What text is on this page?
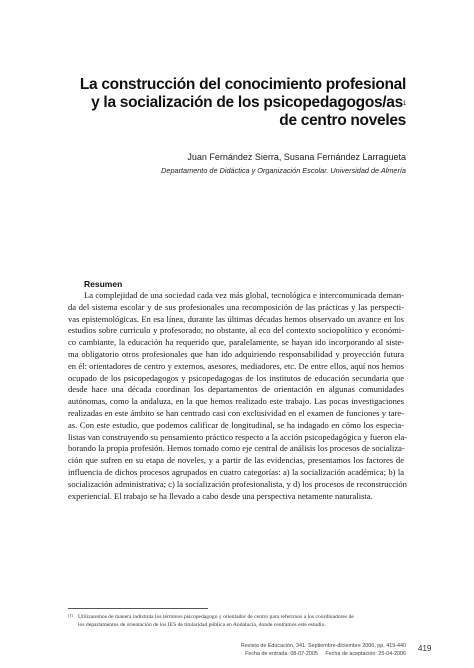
La construcción del conocimiento profesional
y la socialización de los psicopedagogos/$as^1$
de centro noveles
Juan Fernández Sierra, Susana Fernández Larragueta
Departamento de Didáctica y Organización Escolar. Universidad de Almería
Resumen
La complejidad de una sociedad cada vez más global, tecnológica e intercomunicada deman-
da del sistema escolar y de sus profesionales una recomposición de las prácticas y las perspecti-
vas epistemológicas. En esa línea, durante las últimas décadas hemos observado un avance en los
estudios sobre curriculo y profesorado; no obstante, al eco del contexto sociopolítico y económi-
co cambiante, la educación ha requerido que, paralelamente, se hayan ido incorporando al siste-
ma obligatorio otros profesionales que han ido adquiriendo responsabilidad y proyección futura
en él: orientadores de centro y externos, asesores, mediadores, etc. De entre ellos, aquí nos hemos
ocupado de los psicopedagogos y psicopedagogas de los institutos de educación secundaria que
desde hace una década coordinan los departamentos de orientación en algunas comunidades
autónomas, como la andaluza, en la que hemos realizado este trabajo. Las pocas investigaciones
realizadas en este ámbito se han centrado casi con exclusividad en el examen de funciones y tare-
as. Con este estudio, que podemos calificar de longitudinal, se ha indagado en cómo los especia-
listas van construyendo su pensamiento práctico respecto a la acción psicopedagógica y fueron ela-
borando la propia profesión. Hemos tomado como eje central de análisis los procesos de socializa-
ción que sufren en su etapa de noveles, y a partir de las evidencias, presentamos los factores de
influencia de dichos procesos agrupados en cuatro categorías: a) la socialización académica; b) la
socialización administrativa; c) la socialización profesionalista, y d) los procesos de reconstrucción
experiencial. El trabajo se ha llevado a cabo desde una perspectiva netamente naturalista.
(1) Utilizaremos de manera indistinta los términos psicopedagogo y orientador de centro para referirnos a los coordinadores de
los departamentos de orientación de los IES de titularidad pública en Andalucía, donde centramos este estudio.
Revista de Educación, 341. Septiembre-diciembre 2006, pp. 419-440
Fecha de entrada: 08-07-2005     Fecha de aceptación: 25-04-2006
419
